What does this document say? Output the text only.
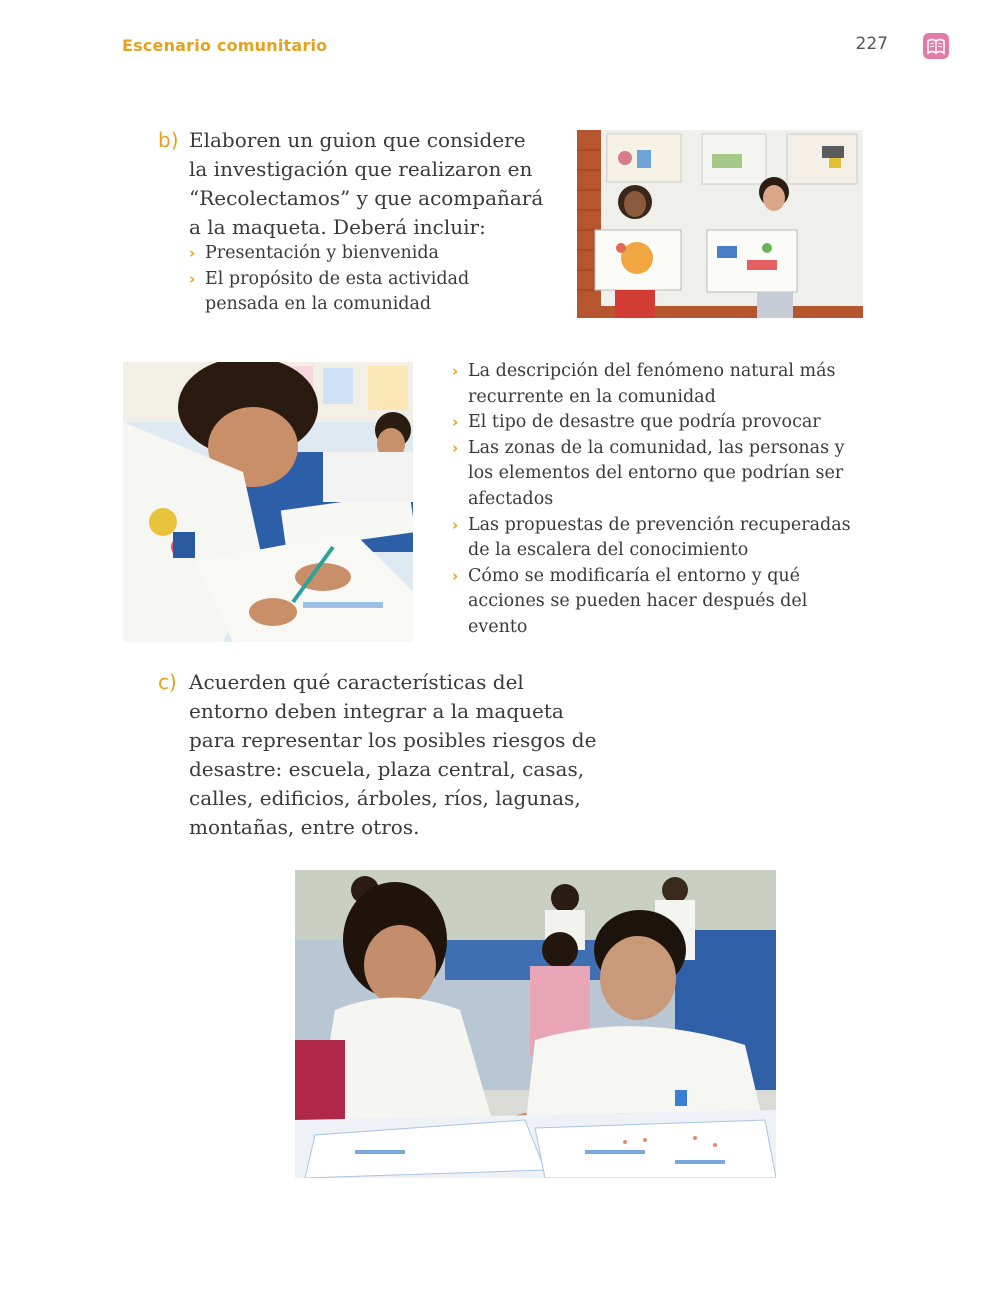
Escenario comunitario	227
b) Elaboren un guion que considere
la investigación que realizaron en
“Recolectamos” y que acompañará
a la maqueta. Deberá incluir:
› Presentación y bienvenida
› El propósito de esta actividad
pensada en la comunidad
› La descripción del fenómeno natural más
recurrente en la comunidad
› El tipo de desastre que podría provocar
› Las zonas de la comunidad, las personas y
los elementos del entorno que podrían ser
afectados
› Las propuestas de prevención recuperadas
de la escalera del conocimiento
› Cómo se modificaría el entorno y qué
acciones se pueden hacer después del
evento
c) Acuerden qué características del
entorno deben integrar a la maqueta
para representar los posibles riesgos de
desastre: escuela, plaza central, casas,
calles, edificios, árboles, ríos, lagunas,
montañas, entre otros.
